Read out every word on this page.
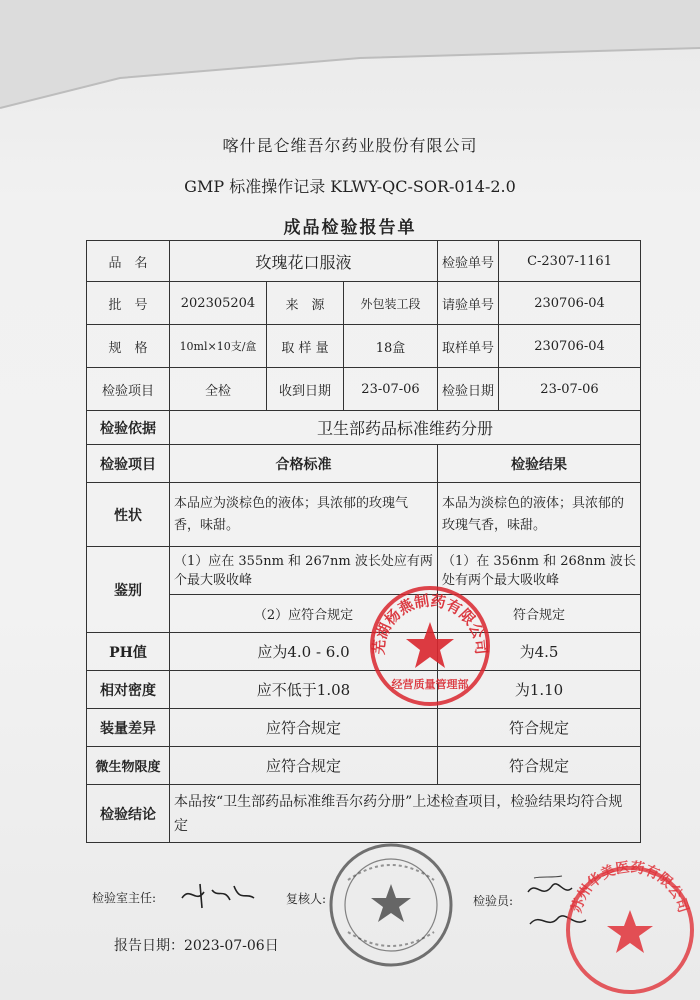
喀什昆仑维吾尔药业股份有限公司
GMP 标准操作记录 KLWY-QC-SOR-014-2.0
成品检验报告单
品　名	玫瑰花口服液			检验单号	C-2307-1161
批　号	202305204	来　源	外包装工段	请验单号	230706-04
规　格	10ml×10支/盒	取 样 量	18盒	取样单号	230706-04
检验项目	全检	收到日期	23-07-06	检验日期	23-07-06
检验依据	卫生部药品标准维药分册				
检验项目	合格标准			检验结果	
性状	本品应为淡棕色的液体；具浓郁的玫瑰气香，味甜。			本品为淡棕色的液体；具浓郁的玫瑰气香，味甜。	
鉴别	（1）应在 355nm 和 267nm 波长处应有两个最大吸收峰			（1）在 356nm 和 268nm 波长处有两个最大吸收峰	
	（2）应符合规定			符合规定	
PH值	应为4.0 - 6.0			为4.5	
相对密度	应不低于1.08			为1.10	
装量差异	应符合规定			符合规定	
微生物限度	应符合规定			符合规定	
检验结论	本品按“卫生部药品标准维吾尔药分册”上述检查项目，检验结果均符合规定				

检验室主任:	复核人:	检验员:
芜湖杨燕制药有限公司
经营质量管理部
苏州华美医药有限公司
报告日期：2023-07-06日
